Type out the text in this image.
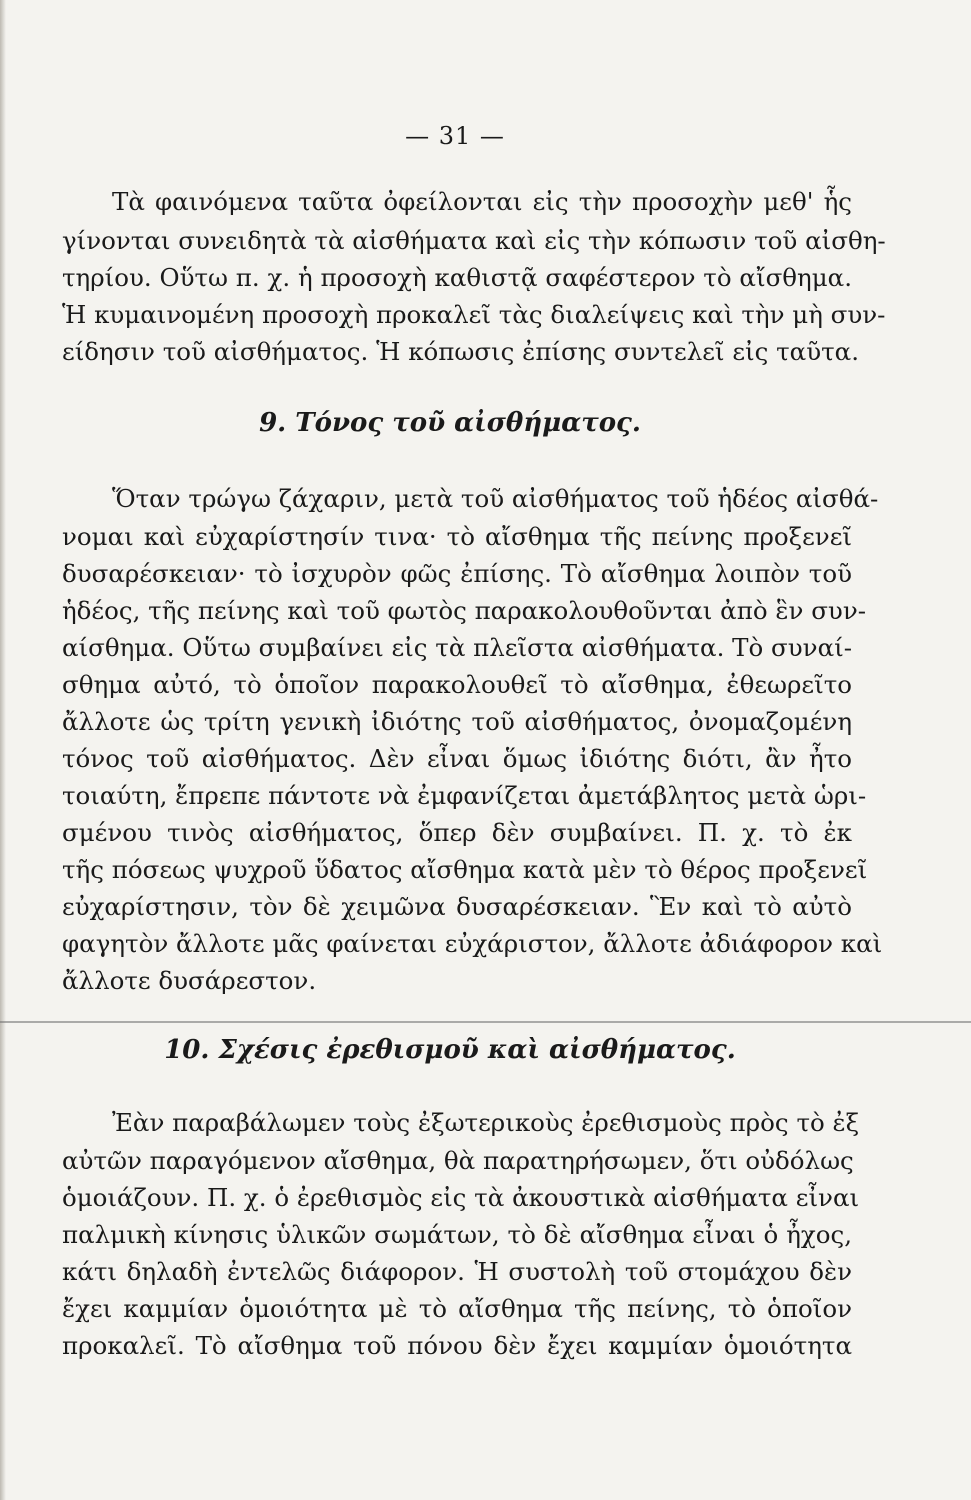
— 31 —
Τὰ φαινόμενα ταῦτα ὀφείλονται εἰς τὴν προσοχὴν μεθ' ἧς
γίνονται συνειδητὰ τὰ αἰσθήματα καὶ εἰς τὴν κόπωσιν τοῦ αἰσθη-
τηρίου. Οὕτω π. χ. ἡ προσοχὴ καθιστᾷ σαφέστερον τὸ αἴσθημα.
Ἡ κυμαινομένη προσοχὴ προκαλεῖ τὰς διαλείψεις καὶ τὴν μὴ συν-
είδησιν τοῦ αἰσθήματος. Ἡ κόπωσις ἐπίσης συντελεῖ εἰς ταῦτα.
9. Τόνος τοῦ αἰσθήματος.
Ὅταν τρώγω ζάχαριν, μετὰ τοῦ αἰσθήματος τοῦ ἡδέος αἰσθά-
νομαι καὶ εὐχαρίστησίν τινα· τὸ αἴσθημα τῆς πείνης προξενεῖ
δυσαρέσκειαν· τὸ ἰσχυρὸν φῶς ἐπίσης. Τὸ αἴσθημα λοιπὸν τοῦ
ἡδέος, τῆς πείνης καὶ τοῦ φωτὸς παρακολουθοῦνται ἀπὸ ἓν συν-
αίσθημα. Οὕτω συμβαίνει εἰς τὰ πλεῖστα αἰσθήματα. Τὸ συναί-
σθημα αὐτό, τὸ ὁποῖον παρακολουθεῖ τὸ αἴσθημα, ἐθεωρεῖτο
ἄλλοτε ὡς τρίτη γενικὴ ἰδιότης τοῦ αἰσθήματος, ὀνομαζομένη
τόνος τοῦ αἰσθήματος. Δὲν εἶναι ὅμως ἰδιότης διότι, ἂν ἦτο
τοιαύτη, ἔπρεπε πάντοτε νὰ ἐμφανίζεται ἀμετάβλητος μετὰ ὡρι-
σμένου τινὸς αἰσθήματος, ὅπερ δὲν συμβαίνει. Π. χ. τὸ ἐκ
τῆς πόσεως ψυχροῦ ὕδατος αἴσθημα κατὰ μὲν τὸ θέρος προξενεῖ
εὐχαρίστησιν, τὸν δὲ χειμῶνα δυσαρέσκειαν. Ἓν καὶ τὸ αὐτὸ
φαγητὸν ἄλλοτε μᾶς φαίνεται εὐχάριστον, ἄλλοτε ἀδιάφορον καὶ
ἄλλοτε δυσάρεστον.
10. Σχέσις ἐρεθισμοῦ καὶ αἰσθήματος.
Ἐὰν παραβάλωμεν τοὺς ἐξωτερικοὺς ἐρεθισμοὺς πρὸς τὸ ἐξ
αὐτῶν παραγόμενον αἴσθημα, θὰ παρατηρήσωμεν, ὅτι οὐδόλως
ὁμοιάζουν. Π. χ. ὁ ἐρεθισμὸς εἰς τὰ ἀκουστικὰ αἰσθήματα εἶναι
παλμικὴ κίνησις ὑλικῶν σωμάτων, τὸ δὲ αἴσθημα εἶναι ὁ ἦχος,
κάτι δηλαδὴ ἐντελῶς διάφορον. Ἡ συστολὴ τοῦ στομάχου δὲν
ἔχει καμμίαν ὁμοιότητα μὲ τὸ αἴσθημα τῆς πείνης, τὸ ὁποῖον
προκαλεῖ. Τὸ αἴσθημα τοῦ πόνου δὲν ἔχει καμμίαν ὁμοιότητα
